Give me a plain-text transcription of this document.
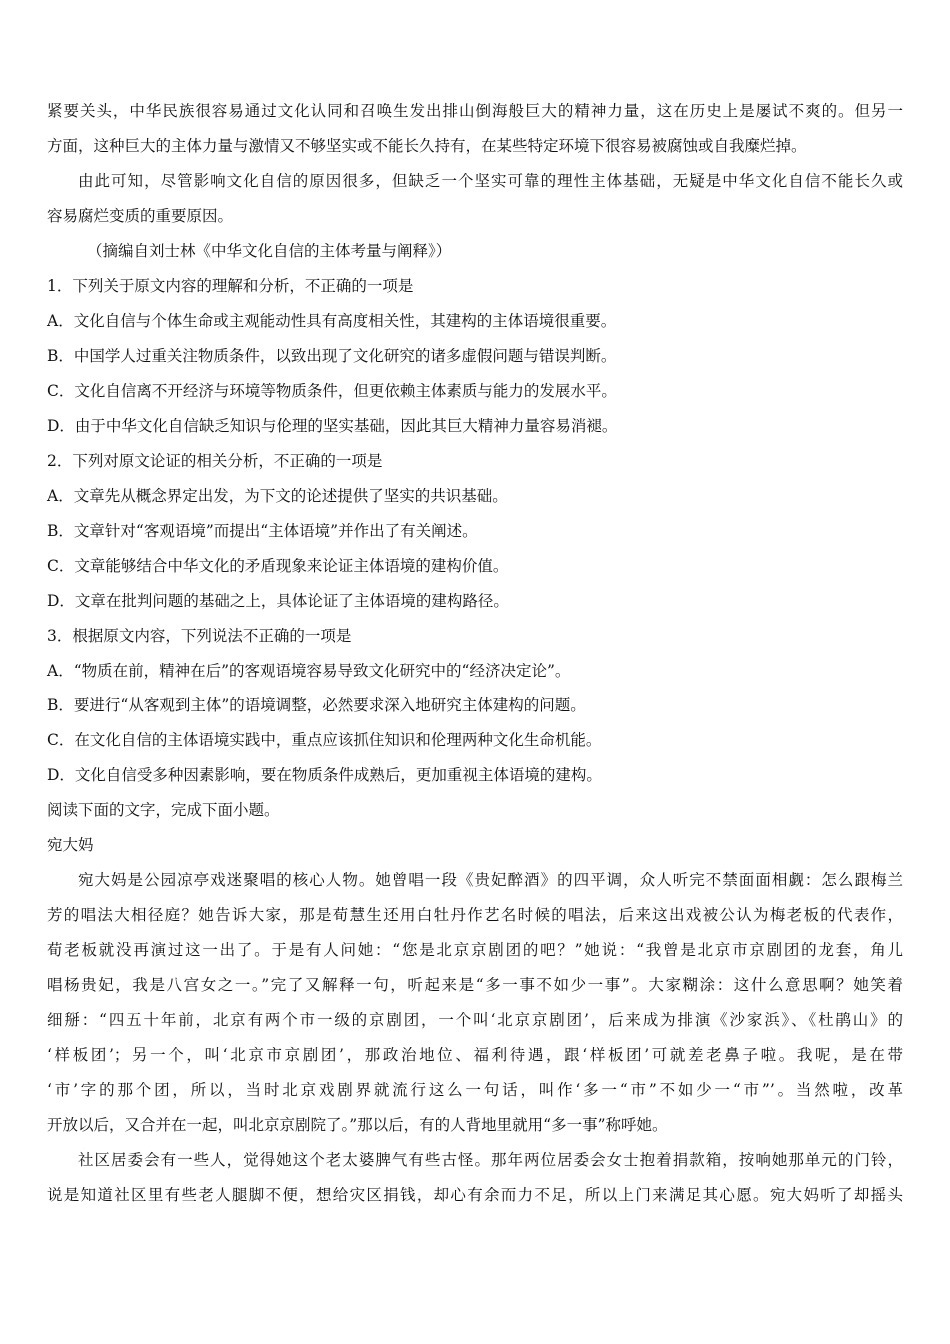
紧要关头，中华民族很容易通过文化认同和召唤生发出排山倒海般巨大的精神力量，这在历史上是屡试不爽的。但另一
方面，这种巨大的主体力量与激情又不够坚实或不能长久持有，在某些特定环境下很容易被腐蚀或自我糜烂掉。
由此可知，尽管影响文化自信的原因很多，但缺乏一个坚实可靠的理性主体基础，无疑是中华文化自信不能长久或
容易腐烂变质的重要原因。
（摘编自刘士林《中华文化自信的主体考量与阐释》）
1．下列关于原文内容的理解和分析，不正确的一项是
A．文化自信与个体生命或主观能动性具有高度相关性，其建构的主体语境很重要。
B．中国学人过重关注物质条件，以致出现了文化研究的诸多虚假问题与错误判断。
C．文化自信离不开经济与环境等物质条件，但更依赖主体素质与能力的发展水平。
D．由于中华文化自信缺乏知识与伦理的坚实基础，因此其巨大精神力量容易消褪。
2．下列对原文论证的相关分析，不正确的一项是
A．文章先从概念界定出发，为下文的论述提供了坚实的共识基础。
B．文章针对“客观语境”而提出“主体语境”并作出了有关阐述。
C．文章能够结合中华文化的矛盾现象来论证主体语境的建构价值。
D．文章在批判问题的基础之上，具体论证了主体语境的建构路径。
3．根据原文内容，下列说法不正确的一项是
A．“物质在前，精神在后”的客观语境容易导致文化研究中的“经济决定论”。
B．要进行“从客观到主体”的语境调整，必然要求深入地研究主体建构的问题。
C．在文化自信的主体语境实践中，重点应该抓住知识和伦理两种文化生命机能。
D．文化自信受多种因素影响，要在物质条件成熟后，更加重视主体语境的建构。
阅读下面的文字，完成下面小题。
宛大妈
宛大妈是公园凉亭戏迷聚唱的核心人物。她曾唱一段《贵妃醉酒》的四平调，众人听完不禁面面相觑：怎么跟梅兰
芳的唱法大相径庭？她告诉大家，那是荀慧生还用白牡丹作艺名时候的唱法，后来这出戏被公认为梅老板的代表作，
荀老板就没再演过这一出了。于是有人问她：“您是北京京剧团的吧？”她说：“我曾是北京市京剧团的龙套，角儿
唱杨贵妃，我是八宫女之一。”完了又解释一句，听起来是“多一事不如少一事”。大家糊涂：这什么意思啊？她笑着
细掰：“四五十年前，北京有两个市一级的京剧团，一个叫‘北京京剧团’，后来成为排演《沙家浜》、《杜鹃山》的
‘样板团’；另一个，叫‘北京市京剧团’，那政治地位、福利待遇，跟‘样板团’可就差老鼻子啦。我呢，是在带
‘市’字的那个团，所以，当时北京戏剧界就流行这么一句话，叫作‘多一“市”不如少一“市”’。当然啦，改革
开放以后，又合并在一起，叫北京京剧院了。”那以后，有的人背地里就用“多一事”称呼她。
社区居委会有一些人，觉得她这个老太婆脾气有些古怪。那年两位居委会女士抱着捐款箱，按响她那单元的门铃，
说是知道社区里有些老人腿脚不便，想给灾区捐钱，却心有余而力不足，所以上门来满足其心愿。宛大妈听了却摇头
